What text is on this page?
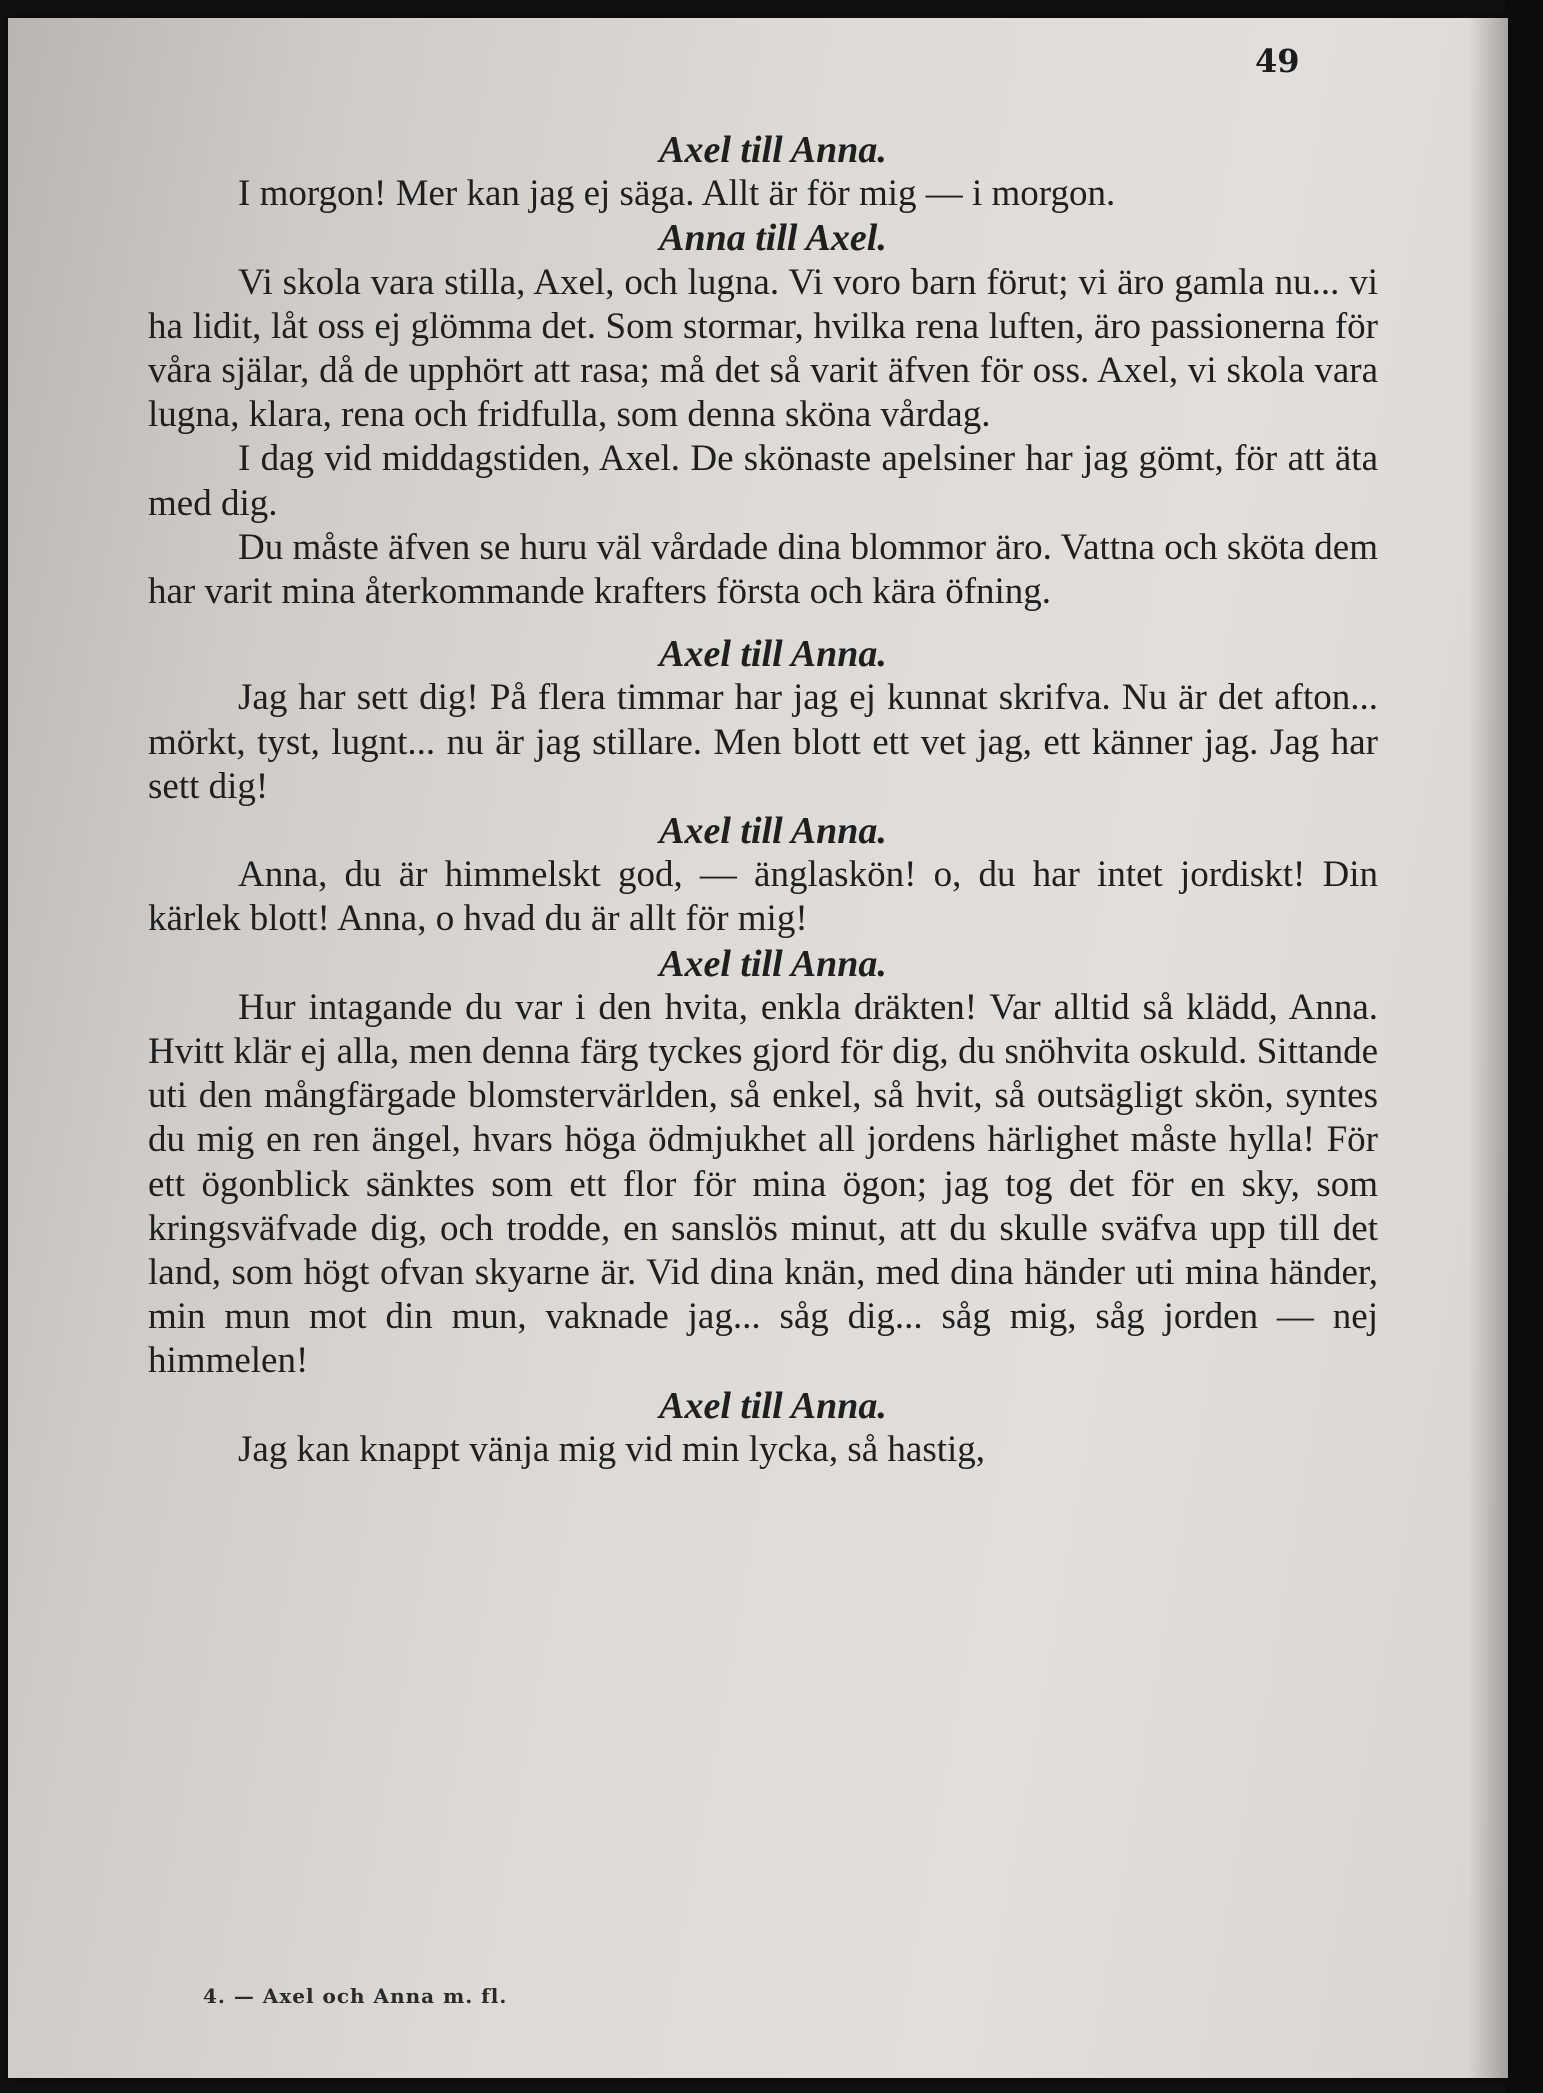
49
Axel till Anna.

I morgon! Mer kan jag ej säga. Allt är för mig — i morgon.

Anna till Axel.

Vi skola vara stilla, Axel, och lugna. Vi voro barn förut; vi äro gamla nu... vi ha lidit, låt oss ej glömma det. Som stormar, hvilka rena luften, äro passionerna för våra själar, då de upphört att rasa; må det så varit äfven för oss. Axel, vi skola vara lugna, klara, rena och fridfulla, som denna sköna vårdag.

I dag vid middagstiden, Axel. De skönaste apelsiner har jag gömt, för att äta med dig.

Du måste äfven se huru väl vårdade dina blommor äro. Vattna och sköta dem har varit mina återkommande krafters första och kära öfning.

Axel till Anna.

Jag har sett dig! På flera timmar har jag ej kunnat skrifva. Nu är det afton... mörkt, tyst, lugnt... nu är jag stillare. Men blott ett vet jag, ett känner jag. Jag har sett dig!

Axel till Anna.

Anna, du är himmelskt god, — änglaskön! o, du har intet jordiskt! Din kärlek blott! Anna, o hvad du är allt för mig!

Axel till Anna.

Hur intagande du var i den hvita, enkla dräkten! Var alltid så klädd, Anna. Hvitt klär ej alla, men denna färg tyckes gjord för dig, du snöhvita oskuld. Sittande uti den mångfärgade blomstervärlden, så enkel, så hvit, så outsägligt skön, syntes du mig en ren ängel, hvars höga ödmjukhet all jordens härlighet måste hylla! För ett ögonblick sänktes som ett flor för mina ögon; jag tog det för en sky, som kringsväfvade dig, och trodde, en sanslös minut, att du skulle sväfva upp till det land, som högt ofvan skyarne är. Vid dina knän, med dina händer uti mina händer, min mun mot din mun, vaknade jag... såg dig... såg mig, såg jorden — nej himmelen!

Axel till Anna.

Jag kan knappt vänja mig vid min lycka, så hastig,

4. — Axel och Anna m. fl.
